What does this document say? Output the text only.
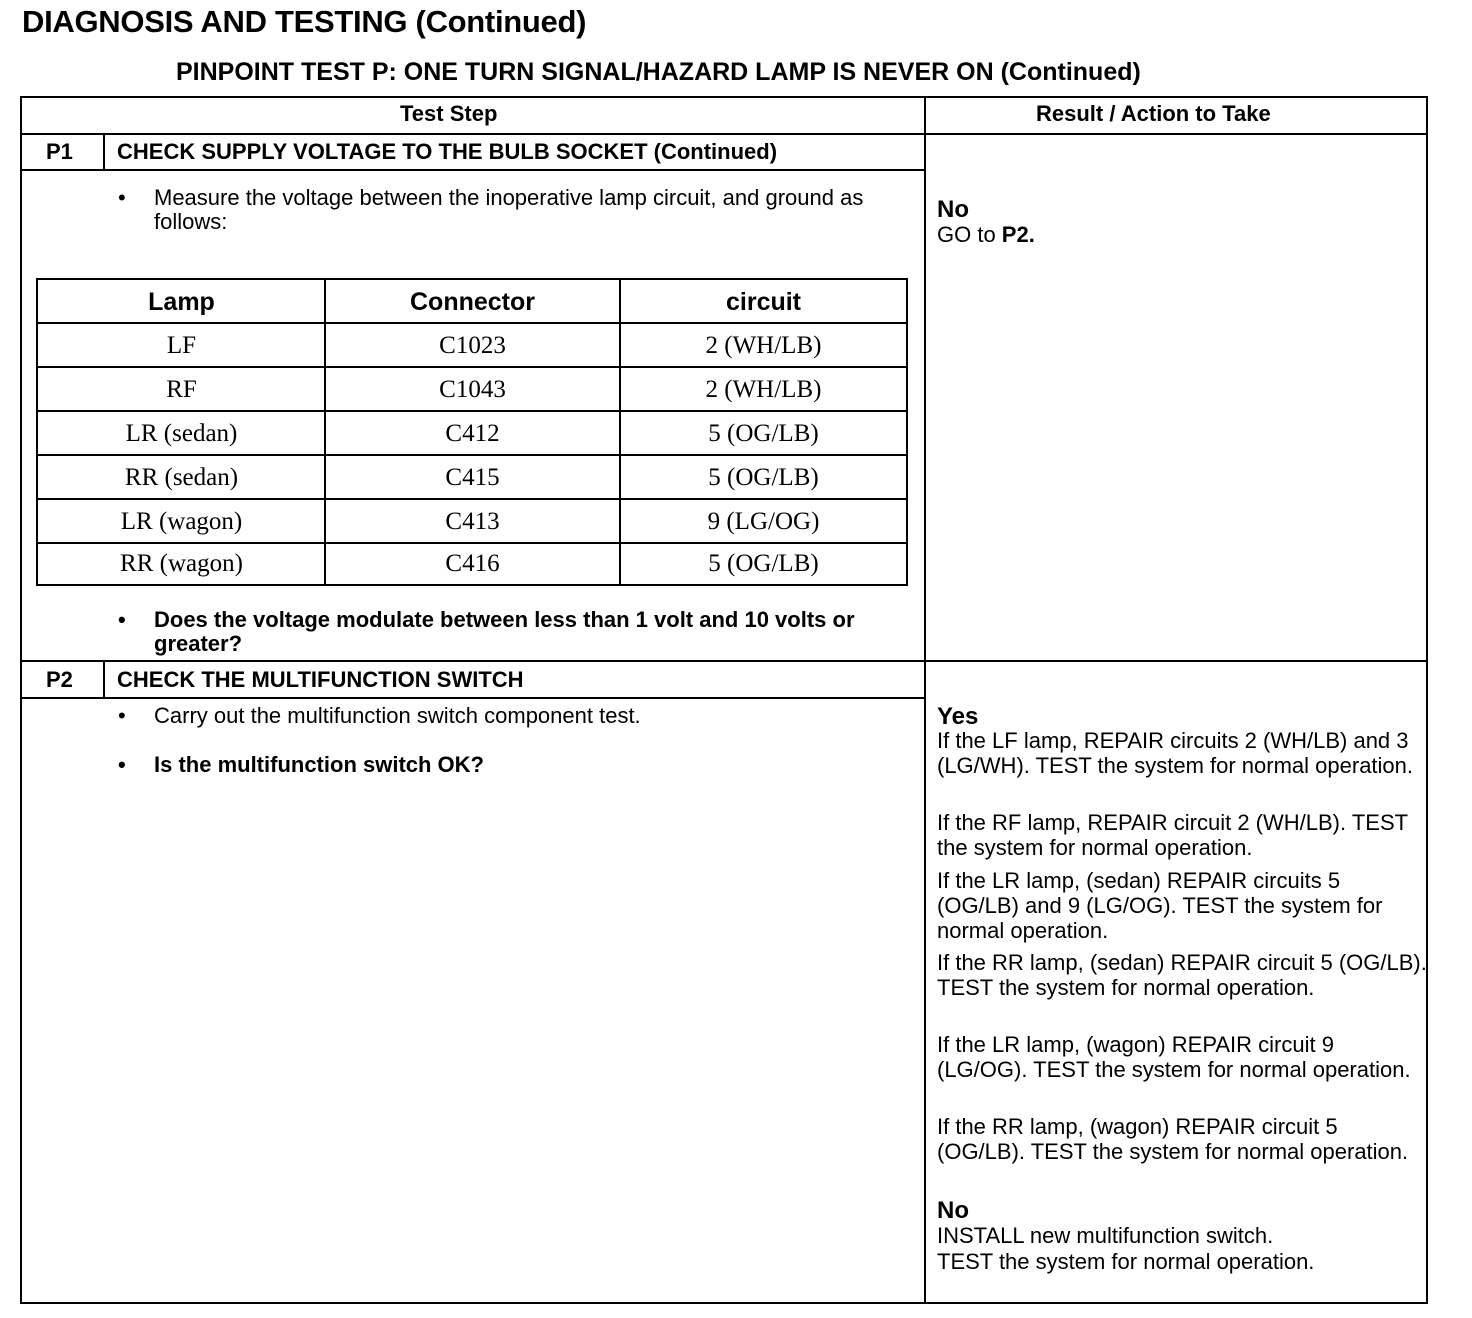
DIAGNOSIS AND TESTING (Continued)
PINPOINT TEST P: ONE TURN SIGNAL/HAZARD LAMP IS NEVER ON (Continued)
Test Step	Result / Action to Take
P1 CHECK SUPPLY VOLTAGE TO THE BULB SOCKET (Continued)
• Measure the voltage between the inoperative lamp circuit, and ground as follows:
Lamp	Connector	circuit
LF	C1023	2 (WH/LB)
RF	C1043	2 (WH/LB)
LR (sedan)	C412	5 (OG/LB)
RR (sedan)	C415	5 (OG/LB)
LR (wagon)	C413	9 (LG/OG)
RR (wagon)	C416	5 (OG/LB)
• Does the voltage modulate between less than 1 volt and 10 volts or greater?
No
GO to P2.
P2 CHECK THE MULTIFUNCTION SWITCH
• Carry out the multifunction switch component test.
• Is the multifunction switch OK?
Yes
If the LF lamp, REPAIR circuits 2 (WH/LB) and 3 (LG/WH). TEST the system for normal operation.
If the RF lamp, REPAIR circuit 2 (WH/LB). TEST the system for normal operation.
If the LR lamp, (sedan) REPAIR circuits 5 (OG/LB) and 9 (LG/OG). TEST the system for normal operation.
If the RR lamp, (sedan) REPAIR circuit 5 (OG/LB). TEST the system for normal operation.
If the LR lamp, (wagon) REPAIR circuit 9 (LG/OG). TEST the system for normal operation.
If the RR lamp, (wagon) REPAIR circuit 5 (OG/LB). TEST the system for normal operation.
No
INSTALL new multifunction switch.
TEST the system for normal operation.
